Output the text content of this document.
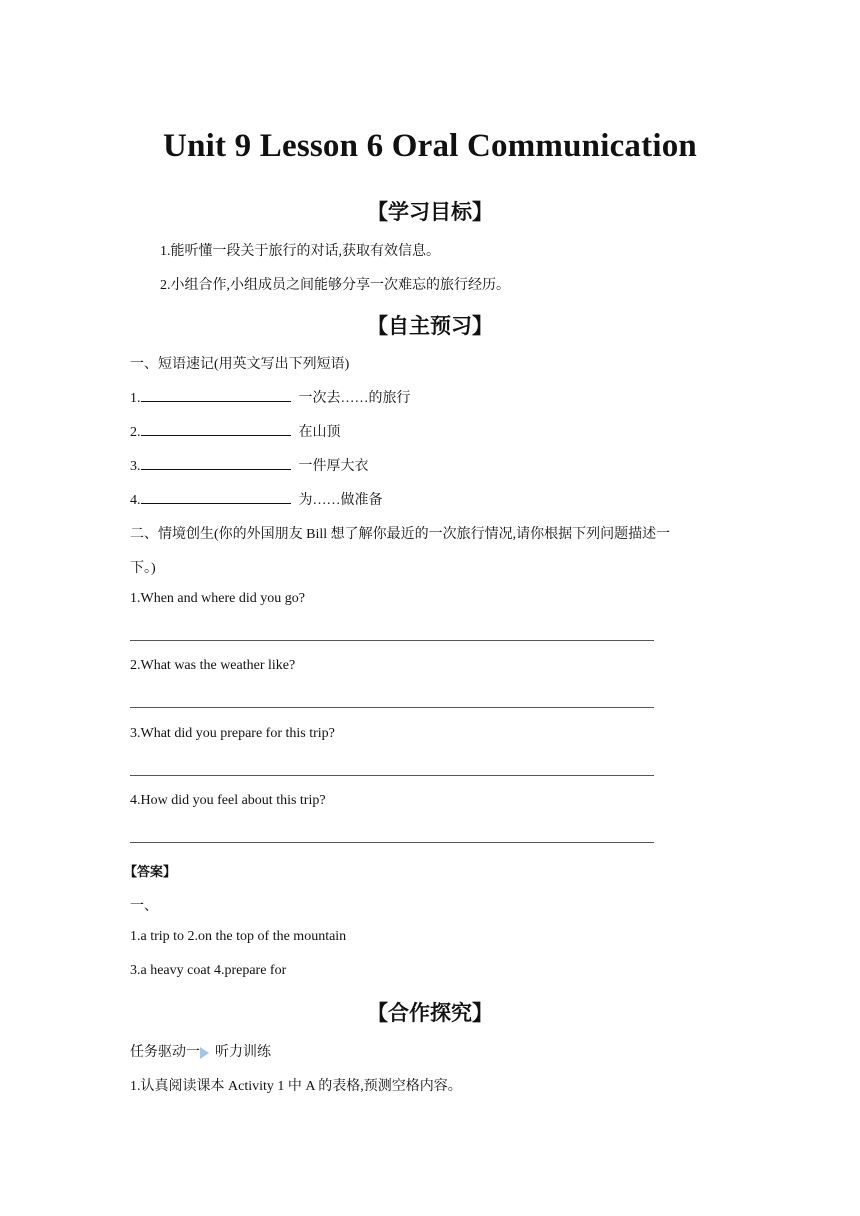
Unit 9 Lesson 6 Oral Communication
【学习目标】
1.能听懂一段关于旅行的对话,获取有效信息。
2.小组合作,小组成员之间能够分享一次难忘的旅行经历。
【自主预习】
一、短语速记(用英文写出下列短语)
1.	一次去……的旅行
2.	在山顶
3.	一件厚大衣
4.	为……做准备
二、情境创生(你的外国朋友 Bill 想了解你最近的一次旅行情况,请你根据下列问题描述一
下。)
1.When and where did you go?
2.What was the weather like?
3.What did you prepare for this trip?
4.How did you feel about this trip?
【答案】
一、
1.a trip to 2.on the top of the mountain
3.a heavy coat 4.prepare for
【合作探究】
任务驱动一 听力训练
1.认真阅读课本 Activity 1 中 A 的表格,预测空格内容。
